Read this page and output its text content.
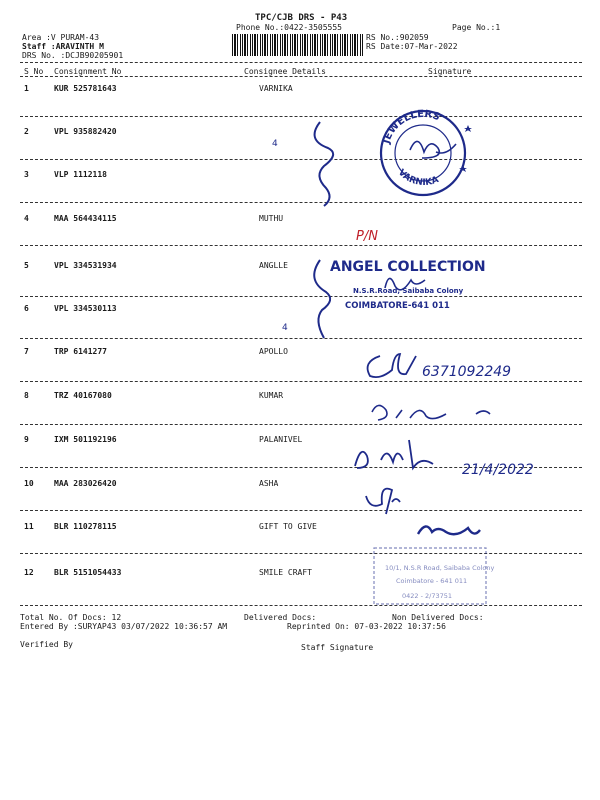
TPC/CJB DRS - P43
Phone No.:0422-3505555	Page No.:1
Area :V PURAM-43
Staff :ARAVINTH M
DRS No. :DCJB90205901
RS No.:902059
RS Date:07-Mar-2022
S No Consignment No	Consignee Details	Signature
1	KUR 525781643	VARNIKA
2	VPL 935882420
3	VLP 1112118
4	MAA 564434115	MUTHU
5	VPL 334531934	ANGLLE
6	VPL 334530113
7	TRP 6141277	APOLLO
8	TRZ 40167080	KUMAR
9	IXM 501192196	PALANIVEL
10	MAA 283026420	ASHA
11	BLR 110278115	GIFT TO GIVE
12	BLR 5151054433	SMILE CRAFT
Total No. Of Docs: 12	Delivered Docs:	Non Delivered Docs:
Entered By :SURYAP43 03/07/2022 10:36:57 AM	Reprinted On: 07-03-2022 10:37:56
Verified By	Staff Signature
JEWELLERS
VARNIKA
4
P/N
4
ANGEL COLLECTION
N.S.R.Road, Saibaba Colony
COIMBATORE-641 011
6371092249
21/4/2022
10/1, N.S.R Road, Saibaba Colony
Coimbatore - 641 011
0422 - 2/73751
